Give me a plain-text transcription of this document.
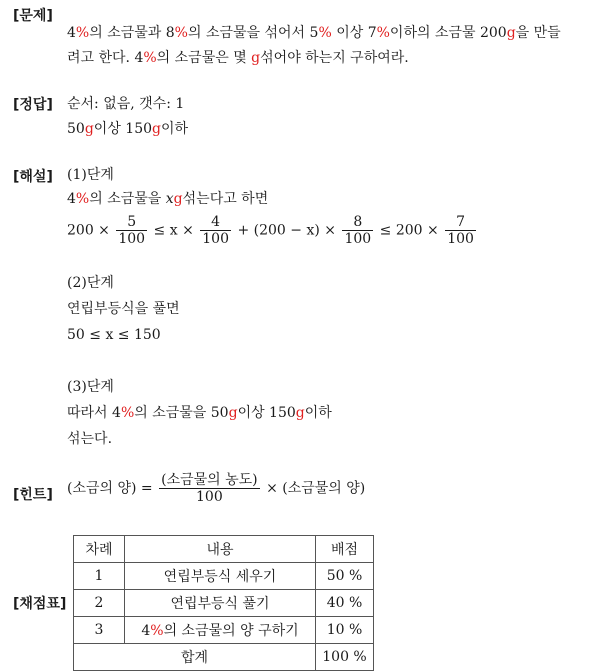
[문제]
4%의 소금물과 8%의 소금물을 섞어서 5% 이상 7%이하의 소금물 200g을 만들
려고 한다. 4%의 소금물은 몇 g섞어야 하는지 구하여라.
[정답] 순서: 없음, 갯수: 1
50g이상 150g이하
[해설] (1)단계
4%의 소금물을 xg섞는다고 하면
$200 \times \frac{5}{100} \le x \times \frac{4}{100} + (200 - x) \times \frac{8}{100} \le 200 \times \frac{7}{100}$
(2)단계
연립부등식을 풀면
50 ≤ x ≤ 150
(3)단계
따라서 4%의 소금물을 50g이상 150g이하
섞는다.
[힌트] (소금의 양) = $\frac{\text{(소금물의 농도)}}{100}$ × (소금물의 양)
[채점표]
차례	내용	배점
1	연립부등식 세우기	50 %
2	연립부등식 풀기	40 %
3	4%의 소금물의 양 구하기	10 %
합계		100 %
